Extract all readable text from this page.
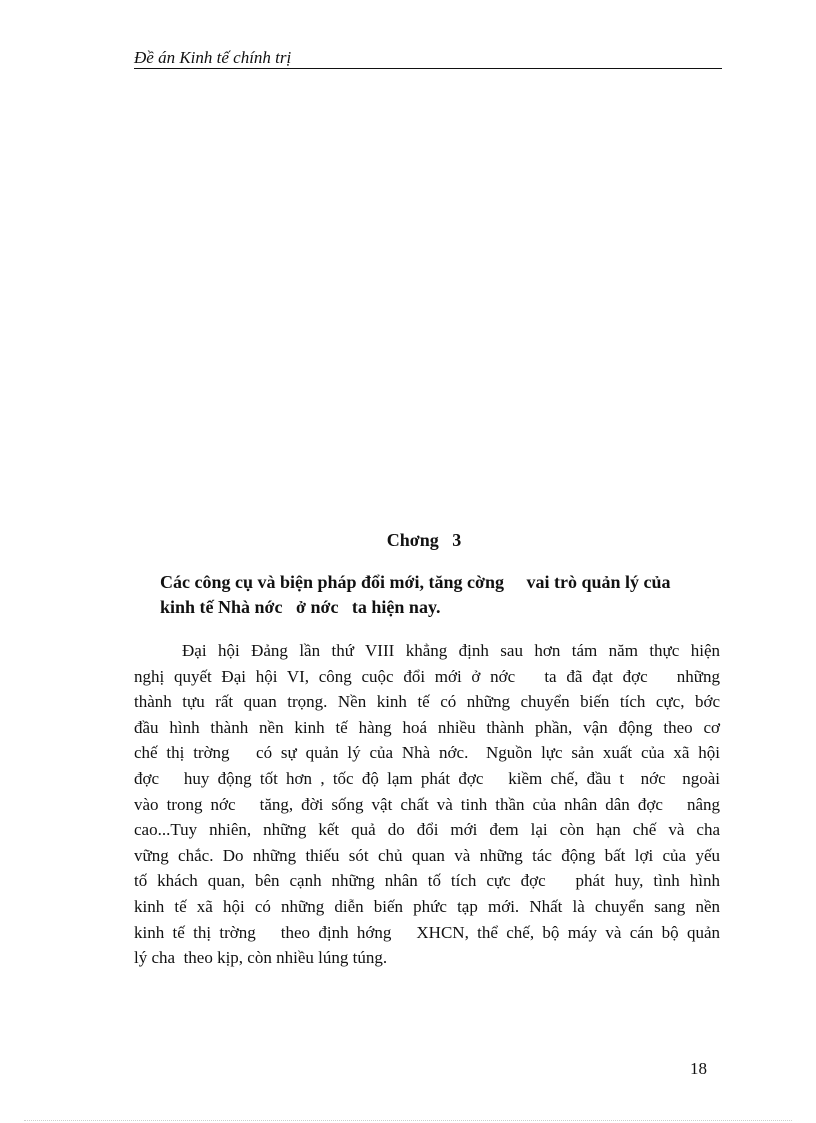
Đề án Kinh tế chính trị
Chơng   3
Các công cụ và biện pháp đổi mới, tăng cờng     vai trò quản lý của
kinh tế Nhà nớc   ở nớc   ta hiện nay.
Đại hội Đảng lần thứ VIII khẳng định sau hơn tám năm thực hiện
nghị quyết Đại hội VI, công cuộc đổi mới ở nớc   ta đã đạt đợc   những
thành tựu rất quan trọng. Nền kinh tế có những chuyển biến tích cực, bớc
đầu hình thành nền kinh tế hàng hoá nhiều thành phần, vận động theo cơ
chế thị trờng   có sự quản lý của Nhà nớc.  Nguồn lực sản xuất của xã hội
đợc   huy động tốt hơn , tốc độ lạm phát đợc   kiềm chế, đầu t  nớc  ngoài
vào trong nớc   tăng, đời sống vật chất và tinh thần của nhân dân đợc   nâng
cao...Tuy nhiên, những kết quả do đổi mới đem lại còn hạn chế và cha
vững chắc. Do những thiếu sót chủ quan và những tác động bất lợi của yếu
tố khách quan, bên cạnh những nhân tố tích cực đợc   phát huy, tình hình
kinh tế xã hội có những diễn biến phức tạp mới. Nhất là chuyển sang nền
kinh tế thị trờng   theo định hớng   XHCN, thể chế, bộ máy và cán bộ quản
lý cha  theo kịp, còn nhiều lúng túng.
18
